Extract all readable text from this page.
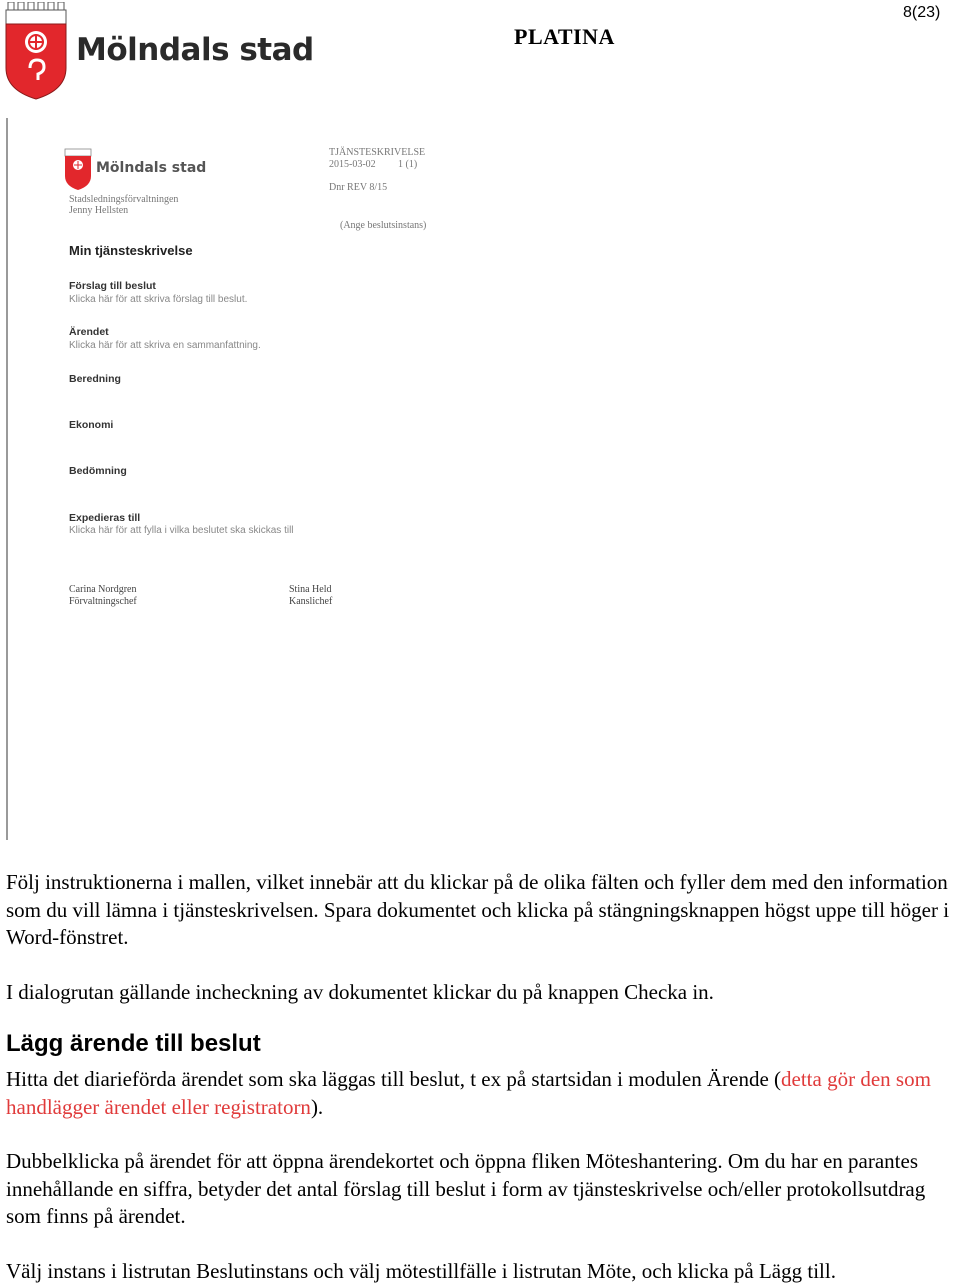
Mölndals stad	PLATINA
8(23)
Mölndals stad
Stadsledningsförvaltningen
Jenny Hellsten
TJÄNSTESKRIVELSE
2015-03-02 1 (1)
Dnr REV 8/15
(Ange beslutsinstans)
Min tjänsteskrivelse
Förslag till beslut
Klicka här för att skriva förslag till beslut.
Ärendet
Klicka här för att skriva en sammanfattning.
Beredning
Ekonomi
Bedömning
Expedieras till
Klicka här för att fylla i vilka beslutet ska skickas till
Carina Nordgren
Förvaltningschef
Stina Held
Kanslichef
Följ instruktionerna i mallen, vilket innebär att du klickar på de olika fälten och fyller dem med den information som du vill lämna i tjänsteskrivelsen. Spara dokumentet och klicka på stängningsknappen högst uppe till höger i Word-fönstret.
I dialogrutan gällande incheckning av dokumentet klickar du på knappen Checka in.
Lägg ärende till beslut
Hitta det diarieförda ärendet som ska läggas till beslut, t ex på startsidan i modulen Ärende (detta gör den som handlägger ärendet eller registratorn).
Dubbelklicka på ärendet för att öppna ärendekortet och öppna fliken Möteshantering. Om du har en parantes innehållande en siffra, betyder det antal förslag till beslut i form av tjänsteskrivelse och/eller protokollsutdrag som finns på ärendet.
Välj instans i listrutan Beslutinstans och välj mötestillfälle i listrutan Möte, och klicka på Lägg till.
